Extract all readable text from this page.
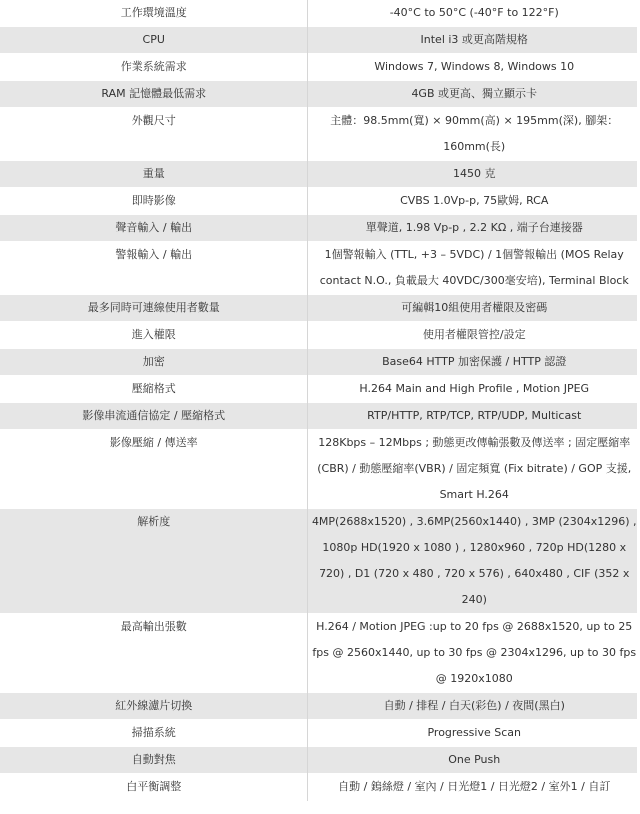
工作環境溫度	-40°C to 50°C (-40°F to 122°F)
CPU	Intel i3 或更高階規格
作業系統需求	Windows 7, Windows 8, Windows 10
RAM 記憶體最低需求	4GB 或更高、獨立顯示卡
外觀尺寸	主體：98.5mm(寬) × 90mm(高) × 195mm(深), 腳架：160mm(長)
重量	1450 克
即時影像	CVBS 1.0Vp-p, 75歐姆, RCA
聲音輸入 / 輸出	單聲道, 1.98 Vp-p , 2.2 KΩ , 端子台連接器
警報輸入 / 輸出	1個警報輸入 (TTL, +3 – 5VDC) / 1個警報輸出 (MOS Relay contact N.O., 負載最大 40VDC/300毫安培), Terminal Block
最多同時可連線使用者數量	可編輯10組使用者權限及密碼
進入權限	使用者權限管控/設定
加密	Base64 HTTP 加密保護 / HTTP 認證
壓縮格式	H.264 Main and High Profile , Motion JPEG
影像串流通信協定 / 壓縮格式	RTP/HTTP, RTP/TCP, RTP/UDP, Multicast
影像壓縮 / 傳送率	128Kbps – 12Mbps ; 動態更改傳輸張數及傳送率 ; 固定壓縮率(CBR) / 動態壓縮率(VBR) / 固定頻寬 (Fix bitrate) / GOP 支援, Smart H.264
解析度	4MP(2688x1520) , 3.6MP(2560x1440) , 3MP (2304x1296) , 1080p HD(1920 x 1080 ) , 1280x960 , 720p HD(1280 x 720) , D1 (720 x 480 , 720 x 576) , 640x480 , CIF (352 x 240)
最高輸出張數	H.264 / Motion JPEG :up to 20 fps @ 2688x1520, up to 25 fps @ 2560x1440, up to 30 fps @ 2304x1296, up to 30 fps @ 1920x1080
紅外線濾片切換	自動 / 排程 / 白天(彩色) / 夜間(黑白)
掃描系統	Progressive Scan
自動對焦	One Push
白平衡調整	自動 / 鎢絲燈 / 室內 / 日光燈1 / 日光燈2 / 室外1 / 自訂
